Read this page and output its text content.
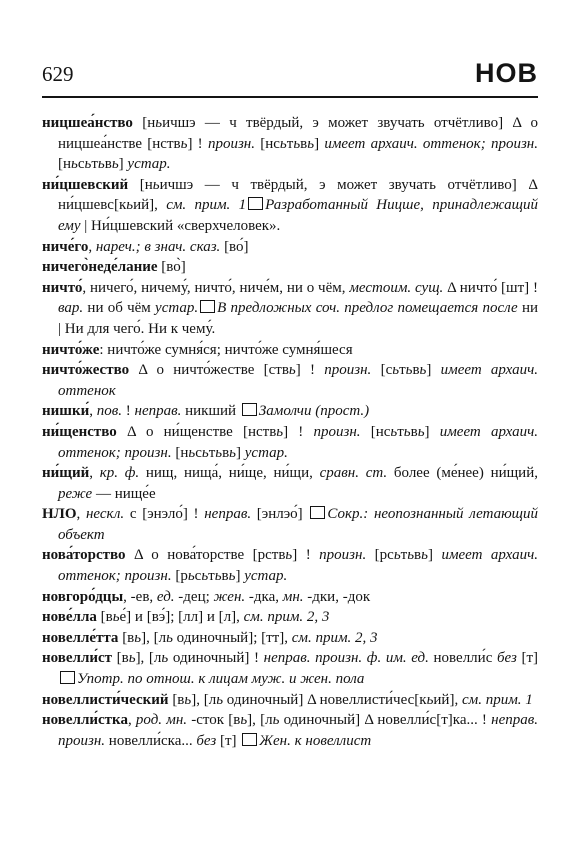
629	НОВ
ницшеа́нство [ньичшэ — ч твёрдый, э может звучать отчётливо] Δ о ницшеа́нстве [нствь] ! произн. [нсьтьвь] имеет архаич. оттенок; произн. [ньсьтьвь] устар.
ни́цшевский [ньичшэ — ч твёрдый, э может звучать отчётливо] Δ ни́цшевс[кьий], см. прим. 1 Разработанный Ницше, принадлежащий ему | Ни́цшевский «сверхчеловек».
ниче́го, нареч.; в знач. сказ. [во́]
ничего̀неде́лание [во̀]
ничто́, ничего́, ничему́, ничто́, ниче́м, ни о чём, местоим. сущ. Δ ничто́ [шт] ! вар. ни об чём устар. В предложных соч. предлог помещается после ни | Ни для чего́. Ни к чему́.
ничто́же: ничто́же сумня́ся; ничто́же сумня́шеся
ничто́жество Δ о ничто́жестве [ствь] ! произн. [сьтьвь] имеет архаич. оттенок
нишки́, пов. ! неправ. никший Замолчи (прост.)
ни́щенство Δ о ни́щенстве [нствь] ! произн. [нсьтьвь] имеет архаич. оттенок; произн. [ньсьтьвь] устар.
ни́щий, кр. ф. нищ, нища́, ни́ще, ни́щи, сравн. ст. более (ме́нее) ни́щий, реже — нище́е
НЛО, нескл. с [энэло́] ! неправ. [энлэо́] Сокр.: неопознанный летающий объект
нова́торство Δ о нова́торстве [рствь] ! произн. [рсьтьвь] имеет архаич. оттенок; произн. [рьсьтьвь] устар.
новгоро́дцы, -ев, ед. -дец; жен. -дка, мн. -дки, -док
нове́лла [вье́] и [вэ́]; [лл] и [л], см. прим. 2, 3
новелле́тта [вь], [ль одиночный]; [тт], см. прим. 2, 3
новелли́ст [вь], [ль одиночный] ! неправ. произн. ф. им. ед. новелли́с без [т] Употр. по отнош. к лицам муж. и жен. пола
новеллисти́ческий [вь], [ль одиночный] Δ новеллисти́чес[кьий], см. прим. 1
новелли́стка, род. мн. -сток [вь], [ль одиночный] Δ новелли́с[т]ка... ! неправ. произн. новелли́ска... без [т] Жен. к новеллист
